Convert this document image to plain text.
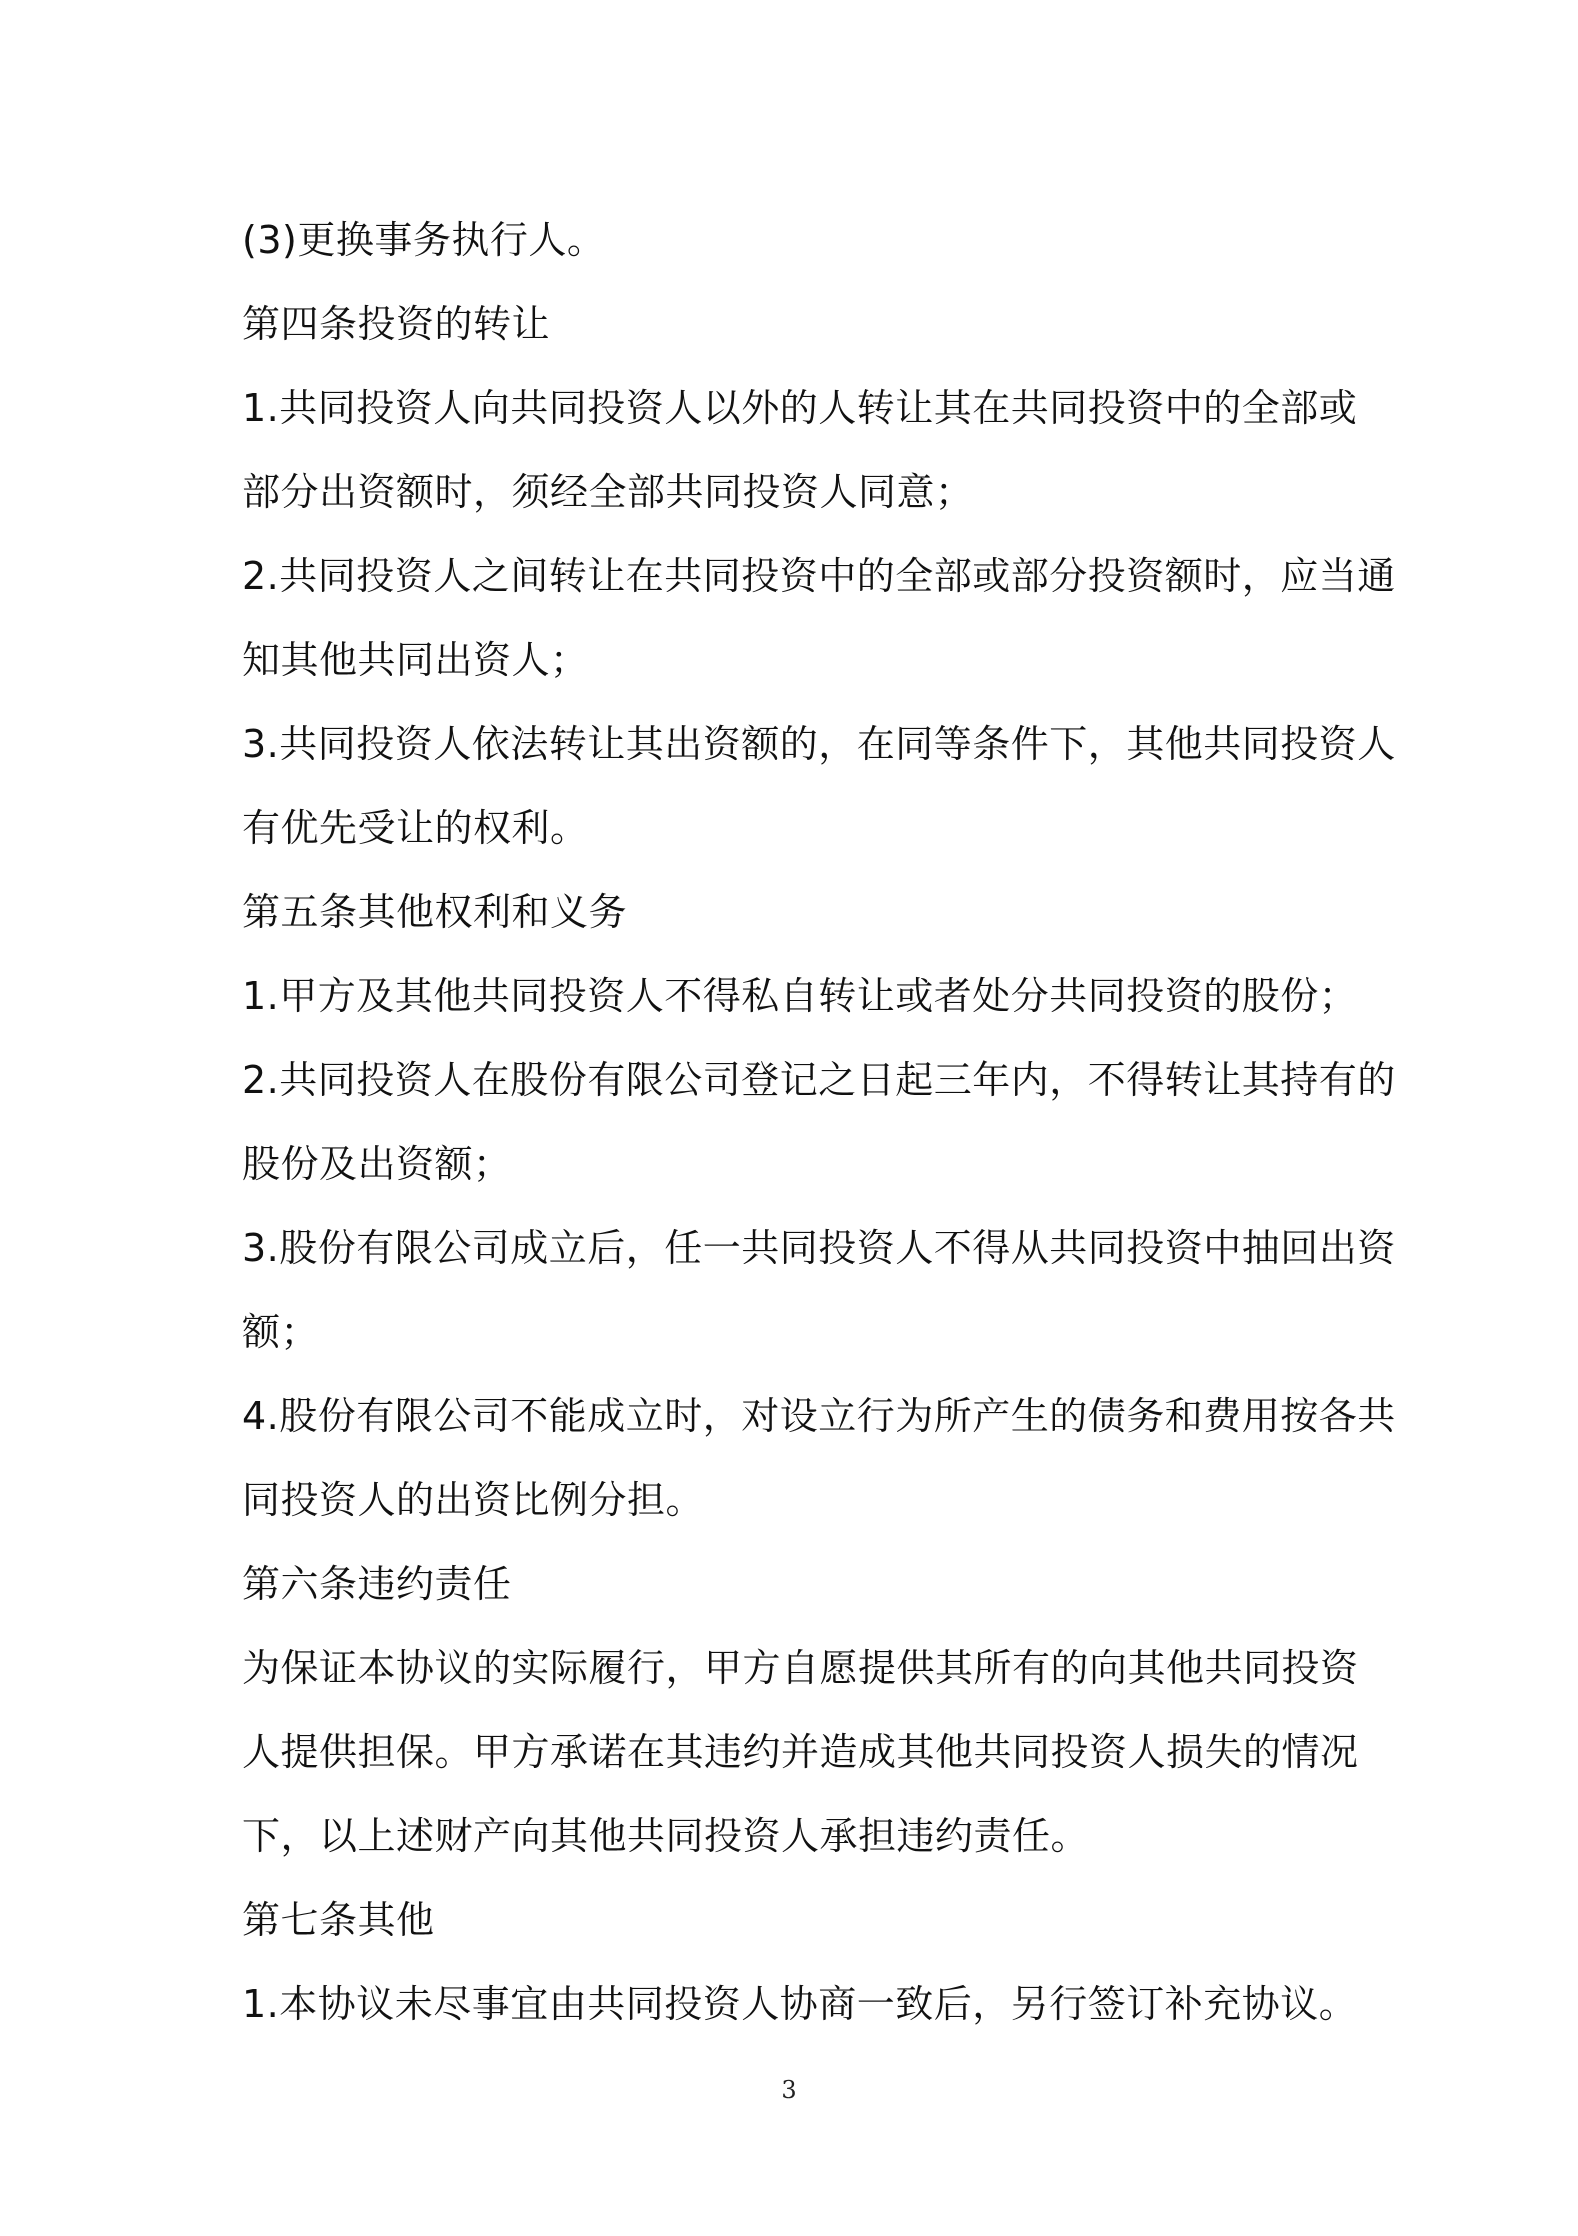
(3)更换事务执行人。
第四条投资的转让
1.共同投资人向共同投资人以外的人转让其在共同投资中的全部或
部分出资额时，须经全部共同投资人同意；
2.共同投资人之间转让在共同投资中的全部或部分投资额时，应当通
知其他共同出资人；
3.共同投资人依法转让其出资额的，在同等条件下，其他共同投资人
有优先受让的权利。
第五条其他权利和义务
1.甲方及其他共同投资人不得私自转让或者处分共同投资的股份；
2.共同投资人在股份有限公司登记之日起三年内，不得转让其持有的
股份及出资额；
3.股份有限公司成立后，任一共同投资人不得从共同投资中抽回出资
额；
4.股份有限公司不能成立时，对设立行为所产生的债务和费用按各共
同投资人的出资比例分担。
第六条违约责任
为保证本协议的实际履行，甲方自愿提供其所有的向其他共同投资
人提供担保。甲方承诺在其违约并造成其他共同投资人损失的情况
下，以上述财产向其他共同投资人承担违约责任。
第七条其他
1.本协议未尽事宜由共同投资人协商一致后，另行签订补充协议。
3
